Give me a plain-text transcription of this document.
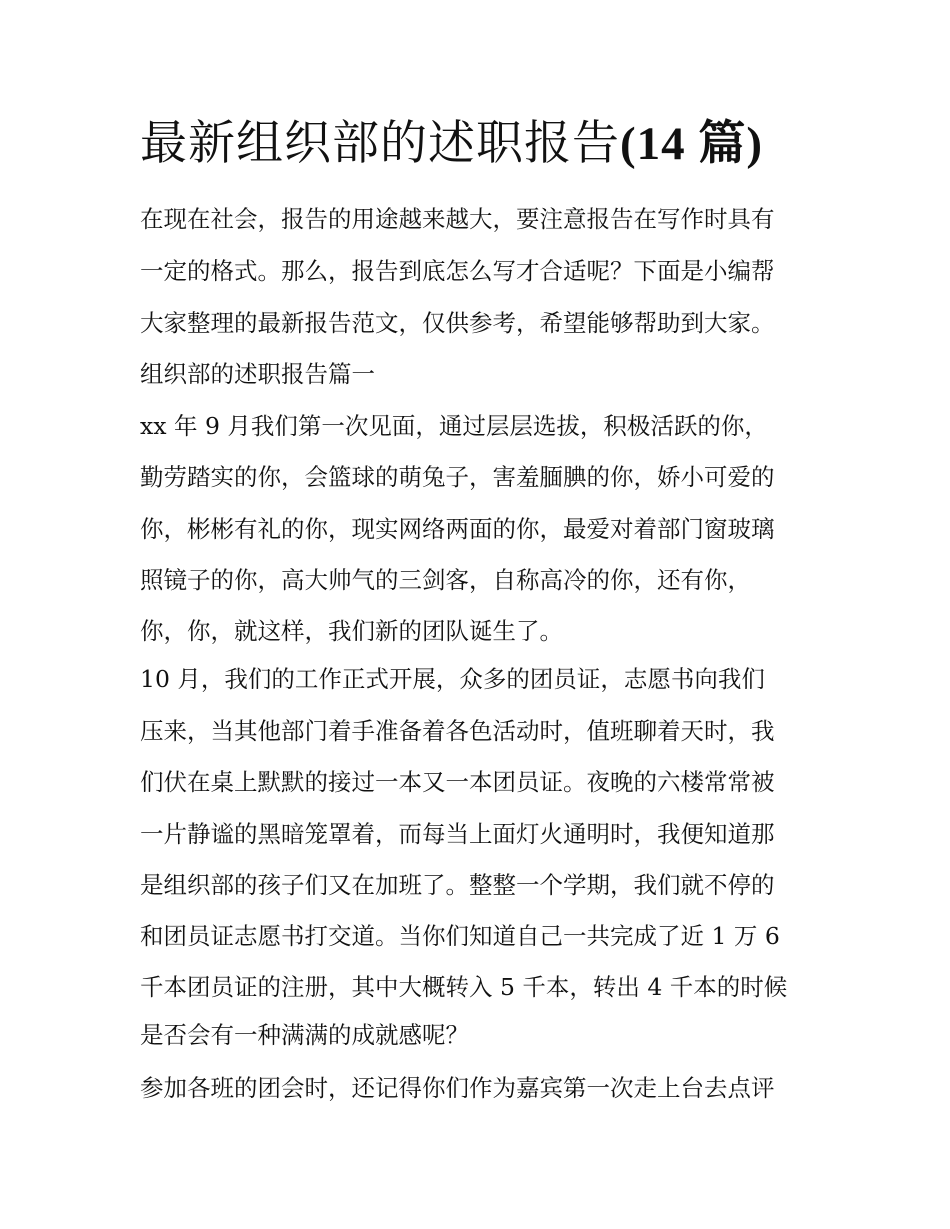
最新组织部的述职报告(14 篇)

在现在社会，报告的用途越来越大，要注意报告在写作时具有

一定的格式。那么，报告到底怎么写才合适呢？下面是小编帮

大家整理的最新报告范文，仅供参考，希望能够帮助到大家。

组织部的述职报告篇一

xx 年 9 月我们第一次见面，通过层层选拔，积极活跃的你，

勤劳踏实的你，会篮球的萌兔子，害羞腼腆的你，娇小可爱的

你，彬彬有礼的你，现实网络两面的你，最爱对着部门窗玻璃

照镜子的你，高大帅气的三剑客，自称高冷的你，还有你，

你，你，就这样，我们新的团队诞生了。

10 月，我们的工作正式开展，众多的团员证，志愿书向我们

压来，当其他部门着手准备着各色活动时，值班聊着天时，我

们伏在桌上默默的接过一本又一本团员证。夜晚的六楼常常被

一片静谧的黑暗笼罩着，而每当上面灯火通明时，我便知道那

是组织部的孩子们又在加班了。整整一个学期，我们就不停的

和团员证志愿书打交道。当你们知道自己一共完成了近 1 万 6

千本团员证的注册，其中大概转入 5 千本，转出 4 千本的时候

是否会有一种满满的成就感呢？

参加各班的团会时，还记得你们作为嘉宾第一次走上台去点评
